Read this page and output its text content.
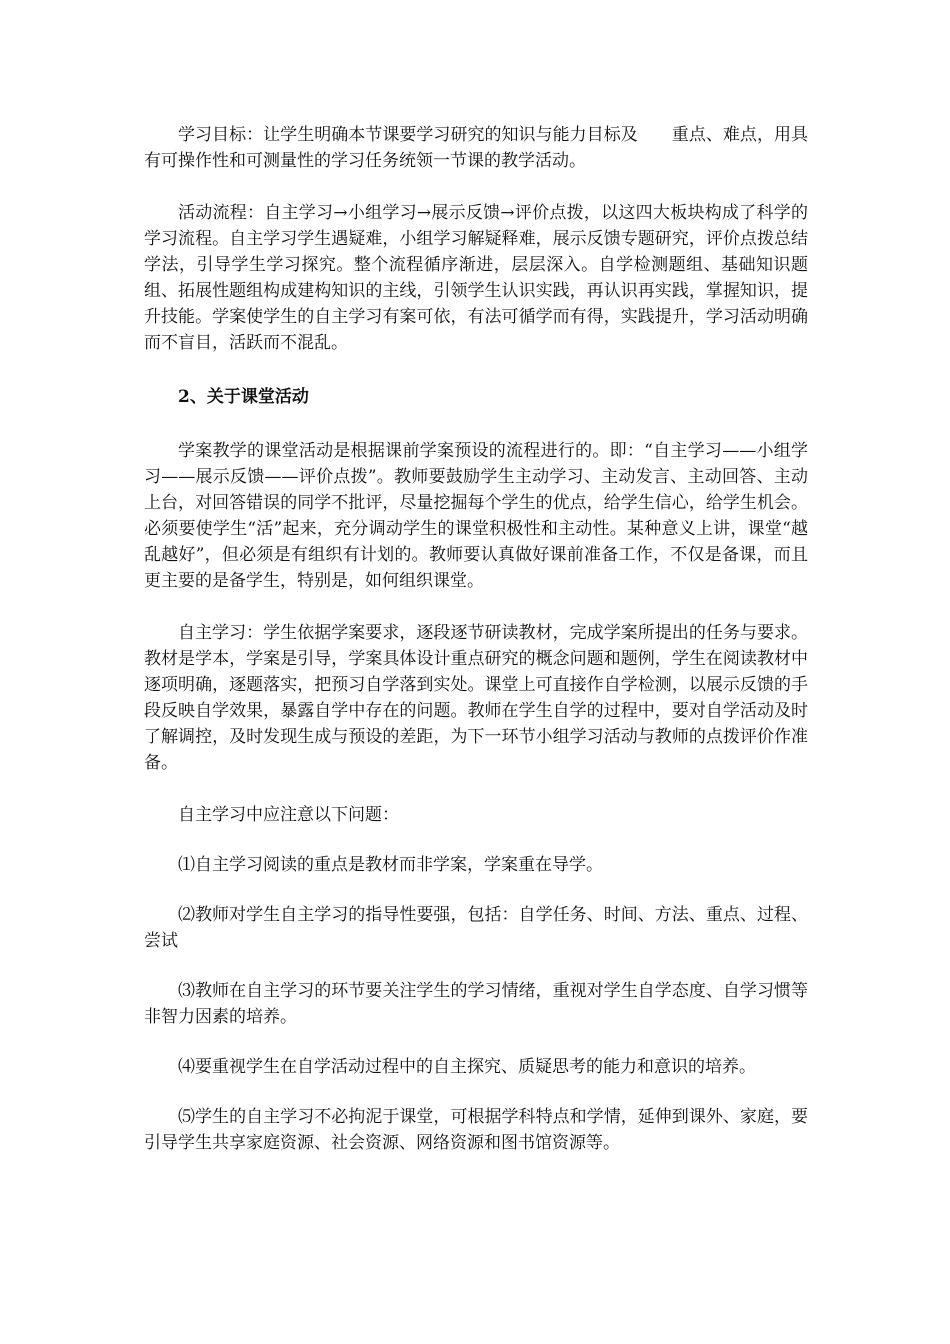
学习目标：让学生明确本节课要学习研究的知识与能力目标及　　重点、难点，用具有可操作性和可测量性的学习任务统领一节课的教学活动。

活动流程：自主学习→小组学习→展示反馈→评价点拨，以这四大板块构成了科学的学习流程。自主学习学生遇疑难，小组学习解疑释难，展示反馈专题研究，评价点拨总结学法，引导学生学习探究。整个流程循序渐进，层层深入。自学检测题组、基础知识题组、拓展性题组构成建构知识的主线，引领学生认识实践，再认识再实践，掌握知识，提升技能。学案使学生的自主学习有案可依，有法可循学而有得，实践提升，学习活动明确而不盲目，活跃而不混乱。

2、关于课堂活动

学案教学的课堂活动是根据课前学案预设的流程进行的。即：“自主学习——小组学习——展示反馈——评价点拨”。教师要鼓励学生主动学习、主动发言、主动回答、主动上台，对回答错误的同学不批评，尽量挖掘每个学生的优点，给学生信心，给学生机会。必须要使学生“活”起来，充分调动学生的课堂积极性和主动性。某种意义上讲，课堂“越乱越好”，但必须是有组织有计划的。教师要认真做好课前准备工作，不仅是备课，而且更主要的是备学生，特别是，如何组织课堂。

自主学习：学生依据学案要求，逐段逐节研读教材，完成学案所提出的任务与要求。教材是学本，学案是引导，学案具体设计重点研究的概念问题和题例，学生在阅读教材中逐项明确，逐题落实，把预习自学落到实处。课堂上可直接作自学检测，以展示反馈的手段反映自学效果，暴露自学中存在的问题。教师在学生自学的过程中，要对自学活动及时了解调控，及时发现生成与预设的差距，为下一环节小组学习活动与教师的点拨评价作准备。

自主学习中应注意以下问题：

⑴自主学习阅读的重点是教材而非学案，学案重在导学。

⑵教师对学生自主学习的指导性要强，包括：自学任务、时间、方法、重点、过程、尝试

⑶教师在自主学习的环节要关注学生的学习情绪，重视对学生自学态度、自学习惯等非智力因素的培养。

⑷要重视学生在自学活动过程中的自主探究、质疑思考的能力和意识的培养。

⑸学生的自主学习不必拘泥于课堂，可根据学科特点和学情，延伸到课外、家庭，要引导学生共享家庭资源、社会资源、网络资源和图书馆资源等。
